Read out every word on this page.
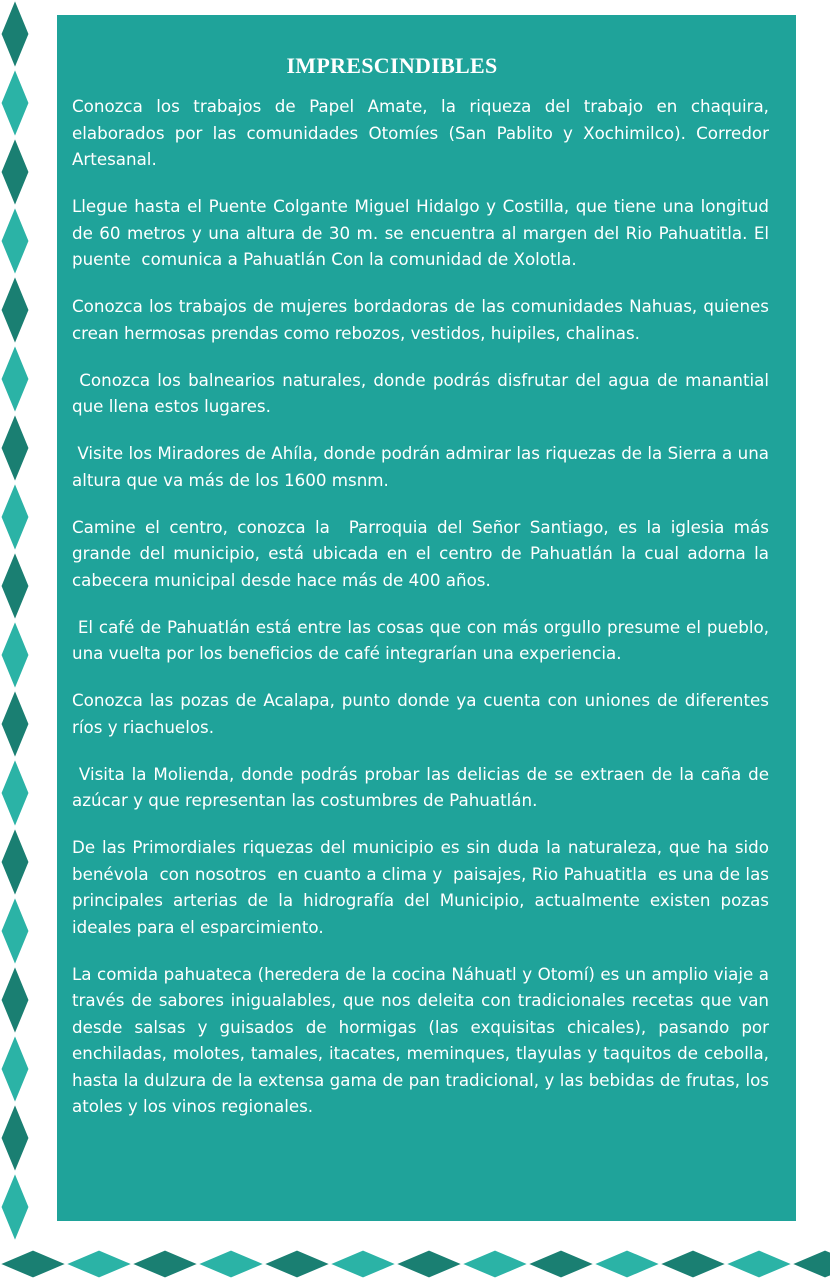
IMPRESCINDIBLES

Conozca los trabajos de Papel Amate, la riqueza del trabajo en chaquira, elaborados por las comunidades Otomíes (San Pablito y Xochimilco). Corredor Artesanal.

Llegue hasta el Puente Colgante Miguel Hidalgo y Costilla, que tiene una longitud de 60 metros y una altura de 30 m. se encuentra al margen del Rio Pahuatitla. El puente  comunica a Pahuatlán Con la comunidad de Xolotla.

Conozca los trabajos de mujeres bordadoras de las comunidades Nahuas, quienes crean hermosas prendas como rebozos, vestidos, huipiles, chalinas.

Conozca los balnearios naturales, donde podrás disfrutar del agua de manantial que llena estos lugares.

Visite los Miradores de Ahíla, donde podrán admirar las riquezas de la Sierra a una altura que va más de los 1600 msnm.

Camine el centro, conozca la  Parroquia del Señor Santiago, es la iglesia más grande del municipio, está ubicada en el centro de Pahuatlán la cual adorna la cabecera municipal desde hace más de 400 años.

El café de Pahuatlán está entre las cosas que con más orgullo presume el pueblo, una vuelta por los beneficios de café integrarían una experiencia.

Conozca las pozas de Acalapa, punto donde ya cuenta con uniones de diferentes ríos y riachuelos.

Visita la Molienda, donde podrás probar las delicias de se extraen de la caña de azúcar y que representan las costumbres de Pahuatlán.

De las Primordiales riquezas del municipio es sin duda la naturaleza, que ha sido benévola  con nosotros  en cuanto a clima y  paisajes, Rio Pahuatitla  es una de las principales arterias de la hidrografía del Municipio, actualmente existen pozas ideales para el esparcimiento.

La comida pahuateca (heredera de la cocina Náhuatl y Otomí) es un amplio viaje a través de sabores inigualables, que nos deleita con tradicionales recetas que van desde salsas y guisados de hormigas (las exquisitas chicales), pasando por enchiladas, molotes, tamales, itacates, meminques, tlayulas y taquitos de cebolla, hasta la dulzura de la extensa gama de pan tradicional, y las bebidas de frutas, los atoles y los vinos regionales.
